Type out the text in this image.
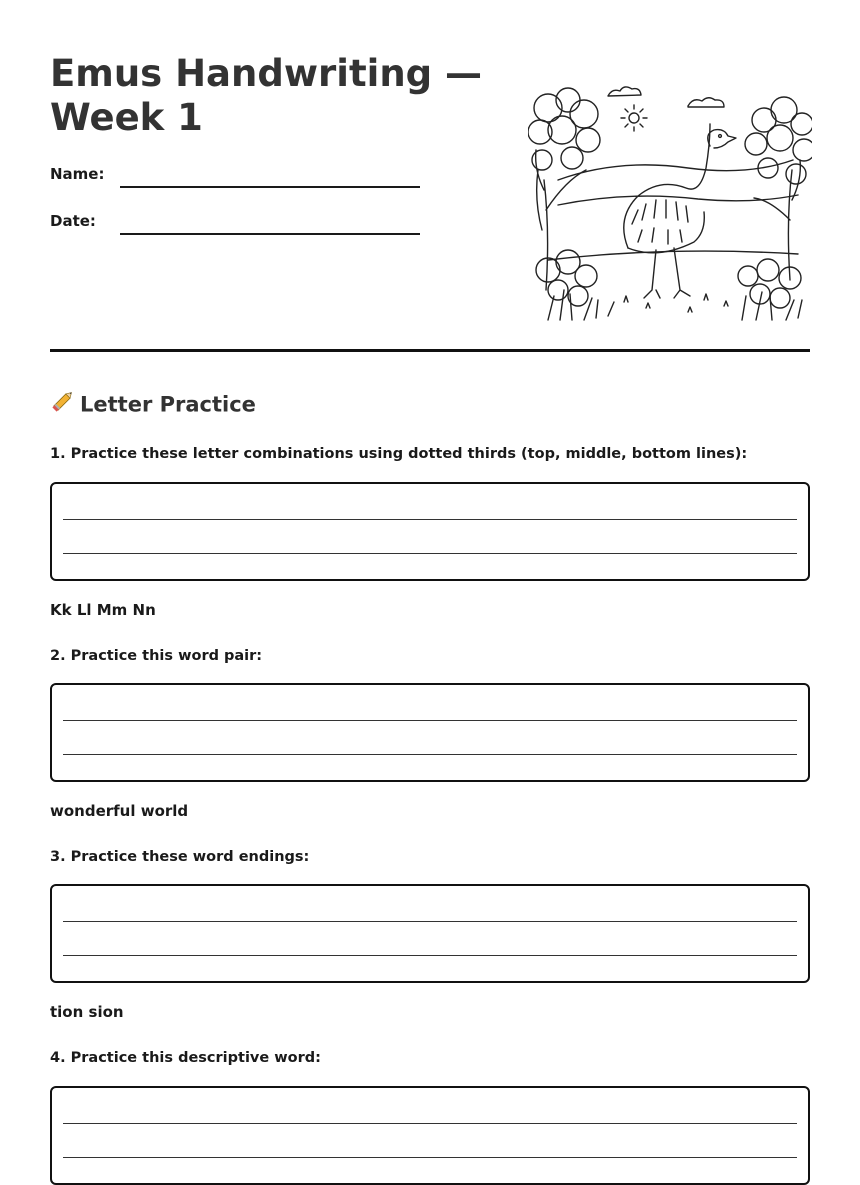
Emus Handwriting —
Week 1
Name:
Date:
Letter Practice
1. Practice these letter combinations using dotted thirds (top, middle, bottom lines):
Kk Ll Mm Nn
2. Practice this word pair:
wonderful world
3. Practice these word endings:
tion sion
4. Practice this descriptive word:
